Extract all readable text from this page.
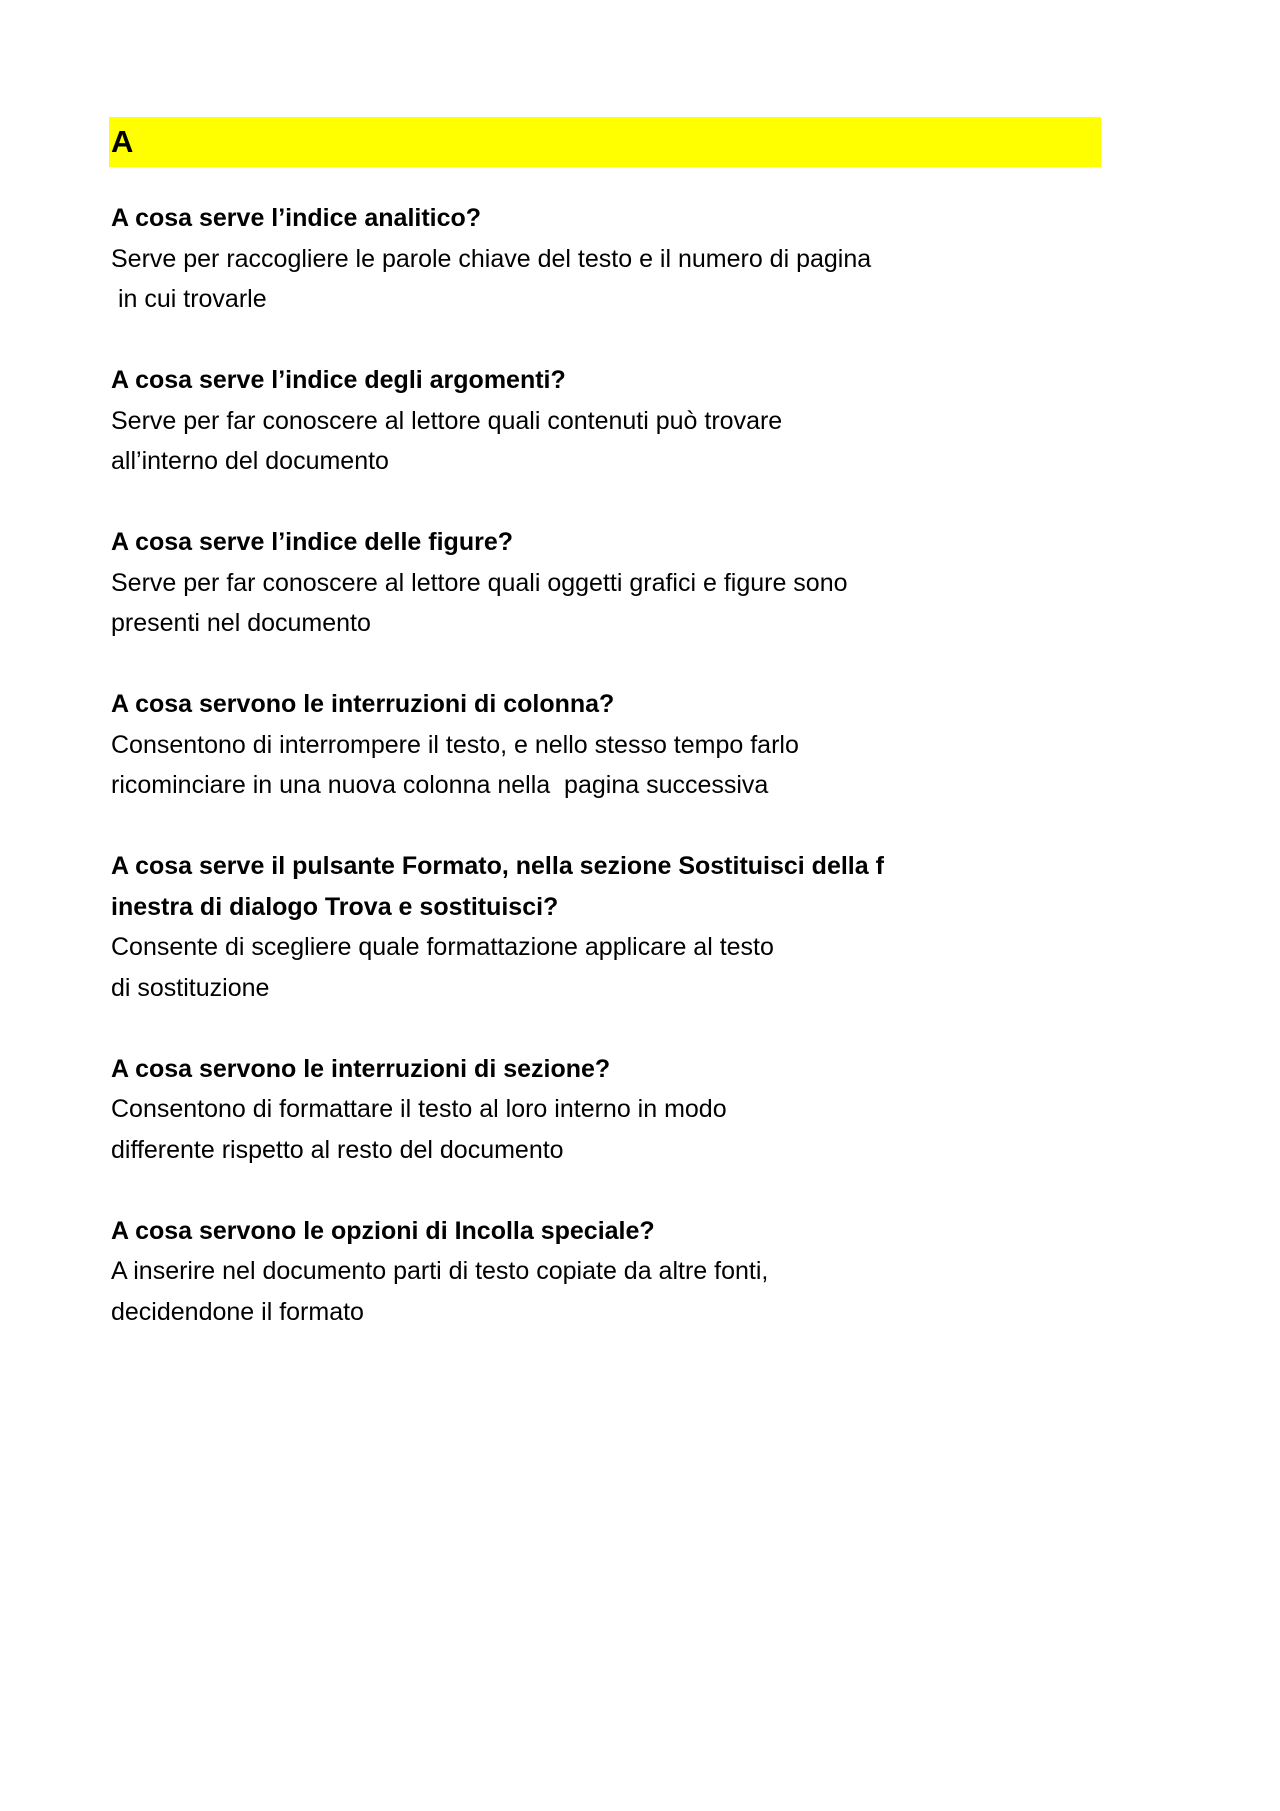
A
A cosa serve l’indice analitico?
Serve per raccogliere le parole chiave del testo e il numero di pagina
in cui trovarle
A cosa serve l’indice degli argomenti?
Serve per far conoscere al lettore quali contenuti può trovare
all’interno del documento
A cosa serve l’indice delle figure?
Serve per far conoscere al lettore quali oggetti grafici e figure sono
presenti nel documento
A cosa servono le interruzioni di colonna?
Consentono di interrompere il testo, e nello stesso tempo farlo
ricominciare in una nuova colonna nella  pagina successiva
A cosa serve il pulsante Formato, nella sezione Sostituisci della f
inestra di dialogo Trova e sostituisci?
Consente di scegliere quale formattazione applicare al testo
di sostituzione
A cosa servono le interruzioni di sezione?
Consentono di formattare il testo al loro interno in modo
differente rispetto al resto del documento
A cosa servono le opzioni di Incolla speciale?
A inserire nel documento parti di testo copiate da altre fonti,
decidendone il formato
